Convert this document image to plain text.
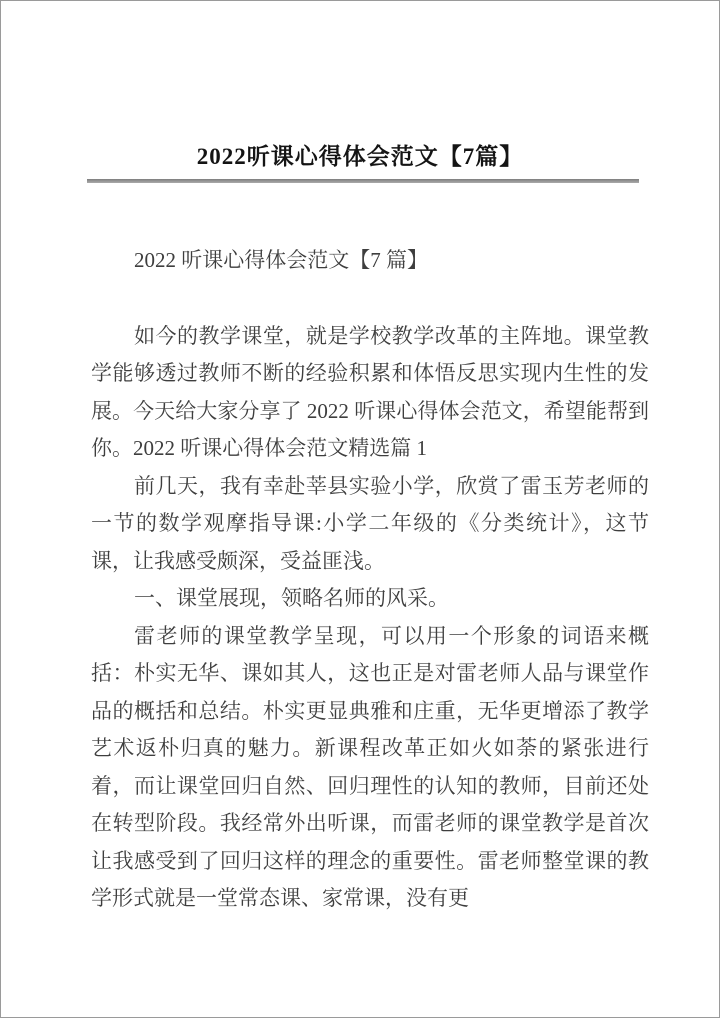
2022听课心得体会范文【7篇】

2022 听课心得体会范文【7 篇】

如今的教学课堂，就是学校教学改革的主阵地。课堂教学能够透过教师不断的经验积累和体悟反思实现内生性的发展。今天给大家分享了 2022 听课心得体会范文，希望能帮到你。2022 听课心得体会范文精选篇 1

前几天，我有幸赴莘县实验小学，欣赏了雷玉芳老师的一节的数学观摩指导课:小学二年级的《分类统计》，这节课，让我感受颇深，受益匪浅。

一、课堂展现，领略名师的风采。

雷老师的课堂教学呈现，可以用一个形象的词语来概括：朴实无华、课如其人，这也正是对雷老师人品与课堂作品的概括和总结。朴实更显典雅和庄重，无华更增添了教学艺术返朴归真的魅力。新课程改革正如火如荼的紧张进行着，而让课堂回归自然、回归理性的认知的教师，目前还处在转型阶段。我经常外出听课，而雷老师的课堂教学是首次让我感受到了回归这样的理念的重要性。雷老师整堂课的教学形式就是一堂常态课、家常课，没有更
